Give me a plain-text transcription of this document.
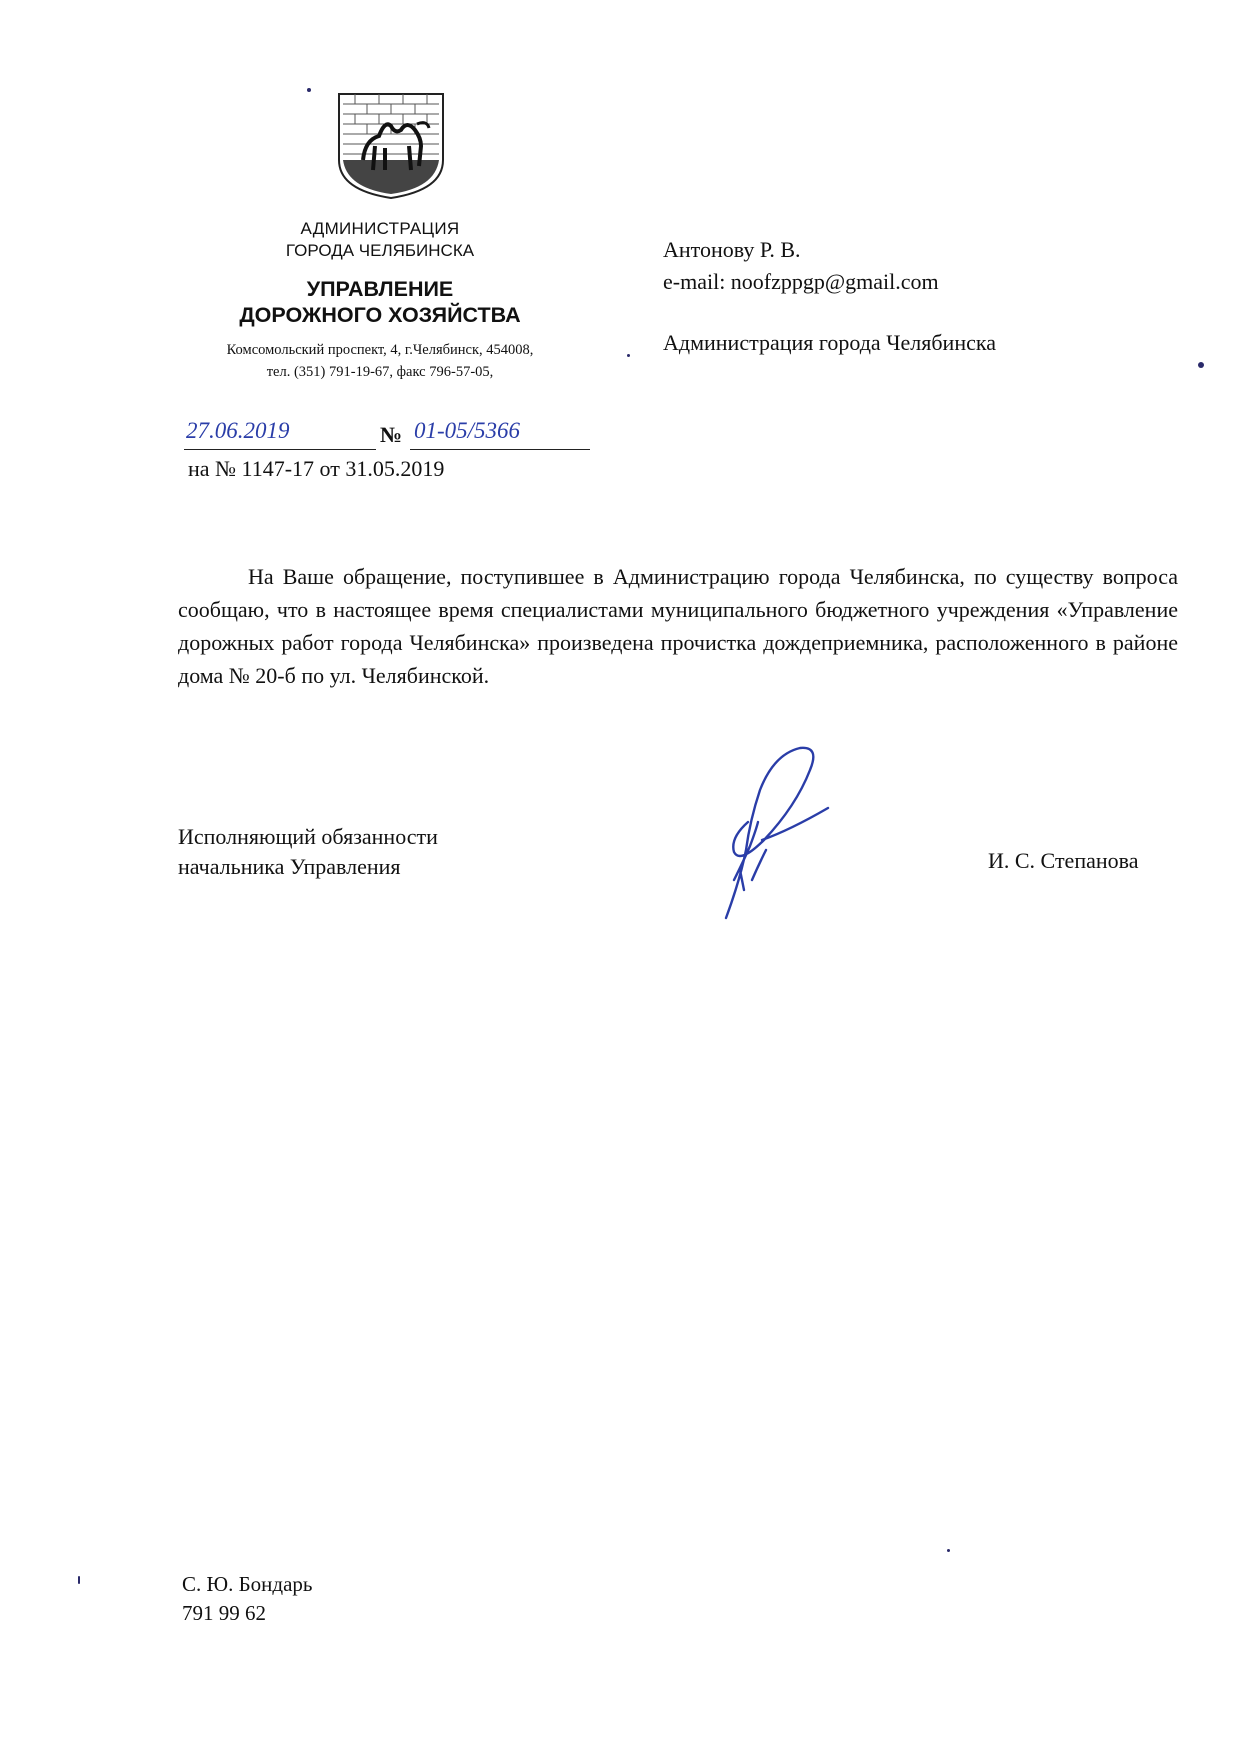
АДМИНИСТРАЦИЯ
ГОРОДА ЧЕЛЯБИНСКА
УПРАВЛЕНИЕ
ДОРОЖНОГО ХОЗЯЙСТВА
Комсомольский проспект, 4, г.Челябинск, 454008,
тел. (351) 791-19-67, факс 796-57-05,
27.06.2019	№ 01-05/5366
на № 1147-17 от 31.05.2019
Антонову Р. В.
e-mail: noofzppgp@gmail.com
Администрация города Челябинска

На Ваше обращение, поступившее в Администрацию города Челябинска, по существу вопроса сообщаю, что в настоящее время специалистами муниципального бюджетного учреждения «Управление дорожных работ города Челябинска» произведена прочистка дождеприемника, расположенного в районе дома № 20-б по ул. Челябинской.

Исполняющий обязанности
начальника Управления	И. С. Степанова
С. Ю. Бондарь
791 99 62
